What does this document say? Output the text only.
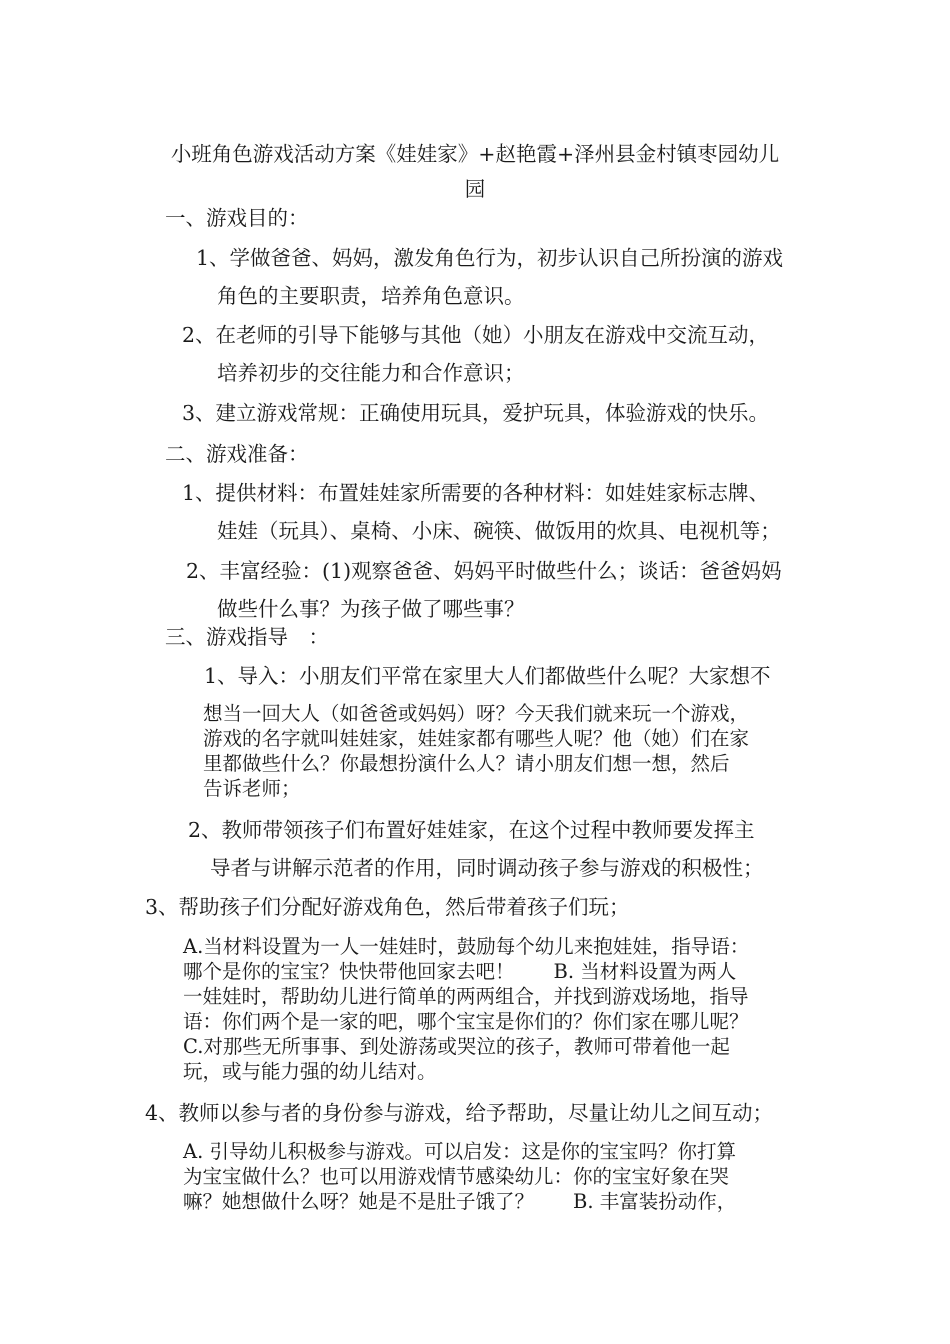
小班角色游戏活动方案《娃娃家》+赵艳霞+泽州县金村镇枣园幼儿
园
一、游戏目的：
1、学做爸爸、妈妈，激发角色行为，初步认识自己所扮演的游戏
角色的主要职责，培养角色意识。
2、在老师的引导下能够与其他（她）小朋友在游戏中交流互动，
培养初步的交往能力和合作意识；
3、建立游戏常规：正确使用玩具，爱护玩具，体验游戏的快乐。
二、游戏准备：
1、提供材料：布置娃娃家所需要的各种材料：如娃娃家标志牌、
娃娃（玩具）、桌椅、小床、碗筷、做饭用的炊具、电视机等；
2、丰富经验：(1)观察爸爸、妈妈平时做些什么；谈话：爸爸妈妈
做些什么事？为孩子做了哪些事？
三、游戏指导　：
1、导入：小朋友们平常在家里大人们都做些什么呢？大家想不
想当一回大人（如爸爸或妈妈）呀？今天我们就来玩一个游戏，
游戏的名字就叫娃娃家，娃娃家都有哪些人呢？他（她）们在家
里都做些什么？你最想扮演什么人？请小朋友们想一想，然后
告诉老师；
2、教师带领孩子们布置好娃娃家，在这个过程中教师要发挥主
导者与讲解示范者的作用，同时调动孩子参与游戏的积极性；
3、帮助孩子们分配好游戏角色，然后带着孩子们玩；
A.当材料设置为一人一娃娃时，鼓励每个幼儿来抱娃娃，指导语：
哪个是你的宝宝？快快带他回家去吧！　　B. 当材料设置为两人
一娃娃时，帮助幼儿进行简单的两两组合，并找到游戏场地，指导
语：你们两个是一家的吧，哪个宝宝是你们的？你们家在哪儿呢？
C.对那些无所事事、到处游荡或哭泣的孩子，教师可带着他一起
玩，或与能力强的幼儿结对。
4、教师以参与者的身份参与游戏，给予帮助，尽量让幼儿之间互动；
A. 引导幼儿积极参与游戏。可以启发：这是你的宝宝吗？你打算
为宝宝做什么？也可以用游戏情节感染幼儿：你的宝宝好象在哭
嘛？她想做什么呀？她是不是肚子饿了？　　B. 丰富装扮动作，
